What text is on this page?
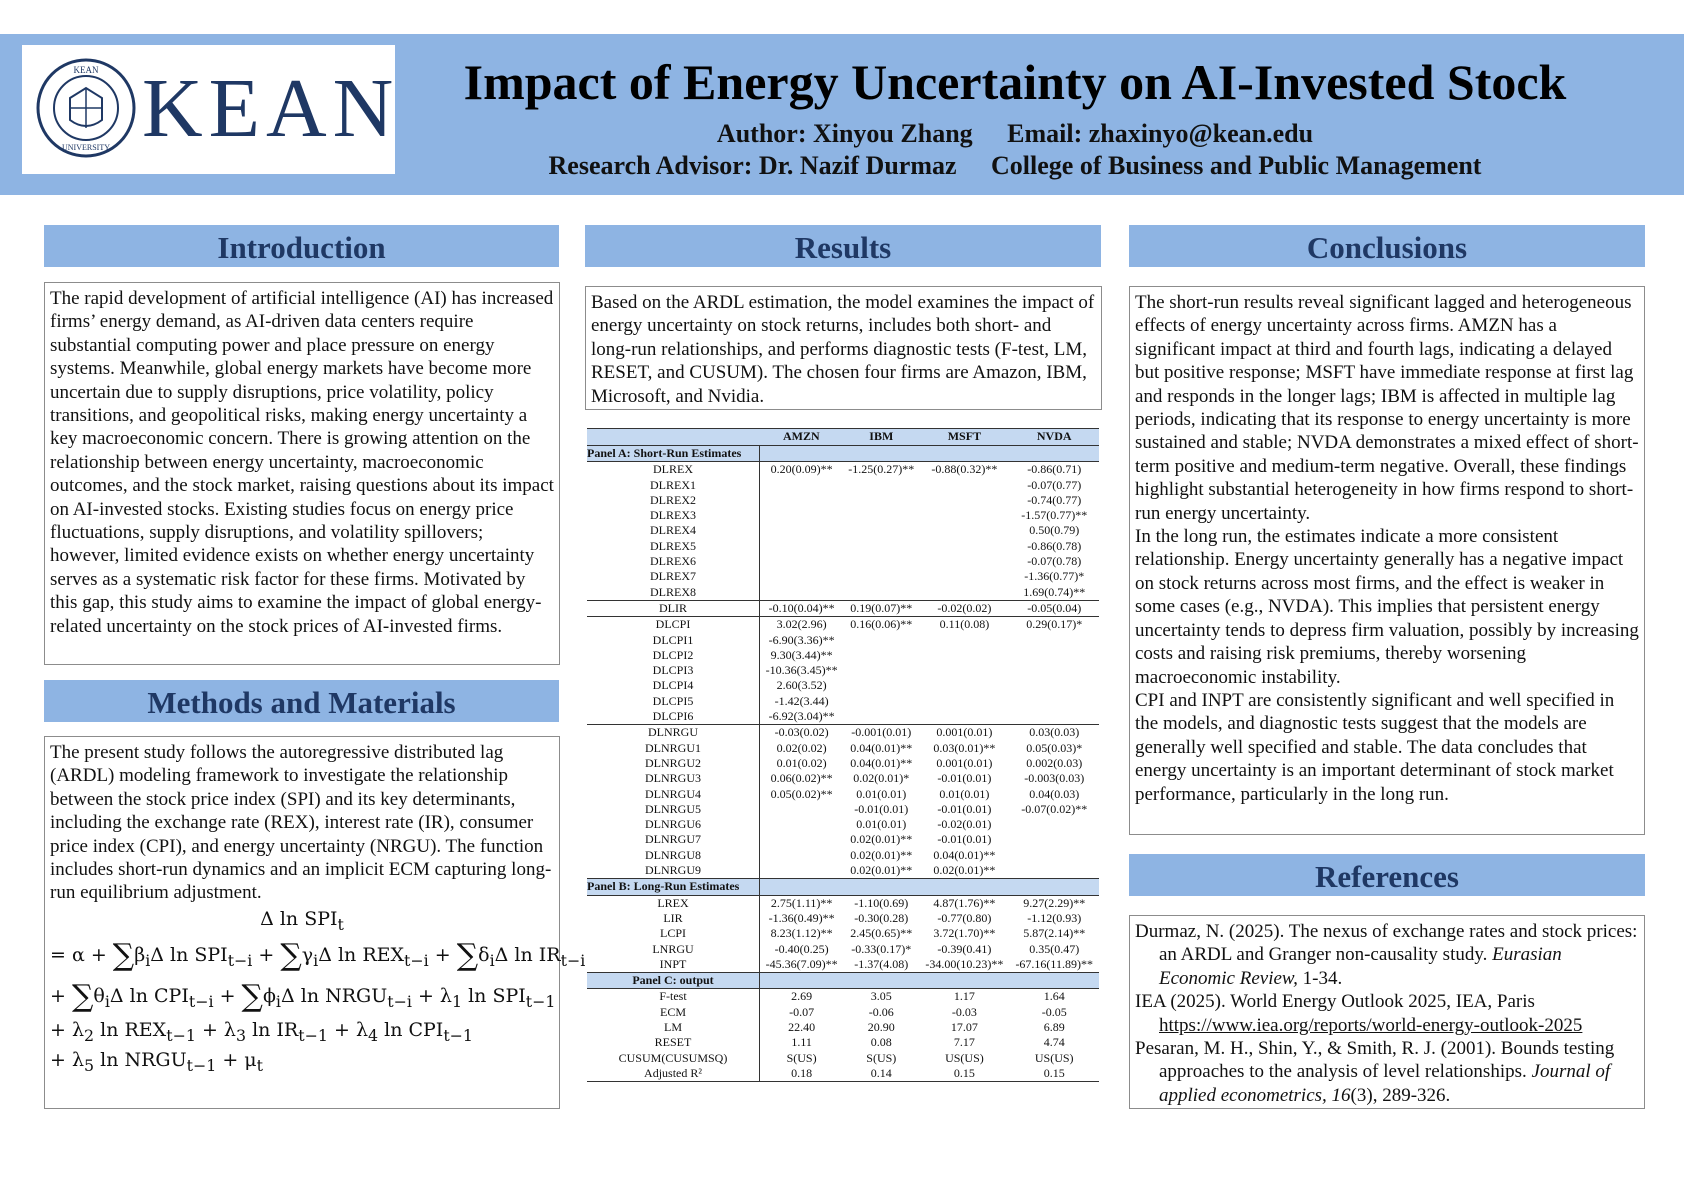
KEAN
UNIVERSITY KEAN	Impact of Energy Uncertainty on AI-Invested Stock
Author: Xinyou Zhang Email: zhaxinyo@kean.edu
Research Advisor: Dr. Nazif Durmaz College of Business and Public Management
Introduction

The rapid development of artificial intelligence (AI) has increased firms’ energy demand, as AI-driven data centers require substantial computing power and place pressure on energy systems. Meanwhile, global energy markets have become more uncertain due to supply disruptions, price volatility, policy transitions, and geopolitical risks, making energy uncertainty a key macroeconomic concern. There is growing attention on the relationship between energy uncertainty, macroeconomic outcomes, and the stock market, raising questions about its impact on AI-invested stocks. Existing studies focus on energy price fluctuations, supply disruptions, and volatility spillovers; however, limited evidence exists on whether energy uncertainty serves as a systematic risk factor for these firms. Motivated by this gap, this study aims to examine the impact of global energy-related uncertainty on the stock prices of AI-invested firms.

Methods and Materials

The present study follows the autoregressive distributed lag (ARDL) modeling framework to investigate the relationship between the stock price index (SPI) and its key determinants, including the exchange rate (REX), interest rate (IR), consumer price index (CPI), and energy uncertainty (NRGU). The function includes short-run dynamics and an implicit ECM capturing long-run equilibrium adjustment.

Δ $\ln SPI_t$
= $\alpha + \sum\beta_i\Delta$ $\ln SPI_{t-i} + \sum\gamma_i\Delta$ $\ln REX_{t-i} + \sum\delta_i\Delta$ $\ln IR_{t-i}$
+ $\sum\theta_i\Delta$ $\ln CPI_{t-i} + \sum\phi_i\Delta$ $\ln NRGU_{t-i} + \lambda_1$ $\ln SPI_{t-1}$
+ $\lambda_2$ $\ln REX_{t-1} + \lambda_3$ $\ln IR_{t-1} + \lambda_4$ $\ln CPI_{t-1}$
+ $\lambda_5$ $\ln NRGU_{t-1} + \mu_t$
Results

Based on the ARDL estimation, the model examines the impact of energy uncertainty on stock returns, includes both short- and long-run relationships, and performs diagnostic tests (F-test, LM, RESET, and CUSUM). The chosen four firms are Amazon, IBM, Microsoft, and Nvidia.

	AMZN	IBM	MSFT	NVDA
Panel A: Short-Run Estimates				
DLREX	0.20(0.09)**	-1.25(0.27)**	-0.88(0.32)**	-0.86(0.71)
DLREX1				-0.07(0.77)
DLREX2				-0.74(0.77)
DLREX3				-1.57(0.77)**
DLREX4				0.50(0.79)
DLREX5				-0.86(0.78)
DLREX6				-0.07(0.78)
DLREX7				-1.36(0.77)*
DLREX8				1.69(0.74)**
DLIR	-0.10(0.04)**	0.19(0.07)**	-0.02(0.02)	-0.05(0.04)
DLCPI	3.02(2.96)	0.16(0.06)**	0.11(0.08)	0.29(0.17)*
DLCPI1	-6.90(3.36)**			
DLCPI2	9.30(3.44)**			
DLCPI3	-10.36(3.45)**			
DLCPI4	2.60(3.52)			
DLCPI5	-1.42(3.44)			
DLCPI6	-6.92(3.04)**			
DLNRGU	-0.03(0.02)	-0.001(0.01)	0.001(0.01)	0.03(0.03)
DLNRGU1	0.02(0.02)	0.04(0.01)**	0.03(0.01)**	0.05(0.03)*
DLNRGU2	0.01(0.02)	0.04(0.01)**	0.001(0.01)	0.002(0.03)
DLNRGU3	0.06(0.02)**	0.02(0.01)*	-0.01(0.01)	-0.003(0.03)
DLNRGU4	0.05(0.02)**	0.01(0.01)	0.01(0.01)	0.04(0.03)
DLNRGU5		-0.01(0.01)	-0.01(0.01)	-0.07(0.02)**
DLNRGU6		0.01(0.01)	-0.02(0.01)	
DLNRGU7		0.02(0.01)**	-0.01(0.01)	
DLNRGU8		0.02(0.01)**	0.04(0.01)**	
DLNRGU9		0.02(0.01)**	0.02(0.01)**	
Panel B: Long-Run Estimates				
LREX	2.75(1.11)**	-1.10(0.69)	4.87(1.76)**	9.27(2.29)**
LIR	-1.36(0.49)**	-0.30(0.28)	-0.77(0.80)	-1.12(0.93)
LCPI	8.23(1.12)**	2.45(0.65)**	3.72(1.70)**	5.87(2.14)**
LNRGU	-0.40(0.25)	-0.33(0.17)*	-0.39(0.41)	0.35(0.47)
INPT	-45.36(7.09)**	-1.37(4.08)	-34.00(10.23)**	-67.16(11.89)**
Panel C: output				
F-test	2.69	3.05	1.17	1.64
ECM	-0.07	-0.06	-0.03	-0.05
LM	22.40	20.90	17.07	6.89
RESET	1.11	0.08	7.17	4.74
CUSUM(CUSUMSQ)	S(US)	S(US)	US(US)	US(US)
Adjusted R²	0.18	0.14	0.15	0.15
Conclusions

The short-run results reveal significant lagged and heterogeneous effects of energy uncertainty across firms. AMZN has a significant impact at third and fourth lags, indicating a delayed but positive response; MSFT have immediate response at first lag and responds in the longer lags; IBM is affected in multiple lag periods, indicating that its response to energy uncertainty is more sustained and stable; NVDA demonstrates a mixed effect of short-term positive and medium-term negative. Overall, these findings highlight substantial heterogeneity in how firms respond to short-run energy uncertainty.

In the long run, the estimates indicate a more consistent relationship. Energy uncertainty generally has a negative impact on stock returns across most firms, and the effect is weaker in some cases (e.g., NVDA). This implies that persistent energy uncertainty tends to depress firm valuation, possibly by increasing costs and raising risk premiums, thereby worsening macroeconomic instability.

CPI and INPT are consistently significant and well specified in the models, and diagnostic tests suggest that the models are generally well specified and stable. The data concludes that energy uncertainty is an important determinant of stock market performance, particularly in the long run.

References

Durmaz, N. (2025). The nexus of exchange rates and stock prices: an ARDL and Granger non-causality study. Eurasian Economic Review, 1-34.

IEA (2025). World Energy Outlook 2025, IEA, Paris
https://www.iea.org/reports/world-energy-outlook-2025

Pesaran, M. H., Shin, Y., & Smith, R. J. (2001). Bounds testing approaches to the analysis of level relationships. Journal of applied econometrics, 16(3), 289-326.
